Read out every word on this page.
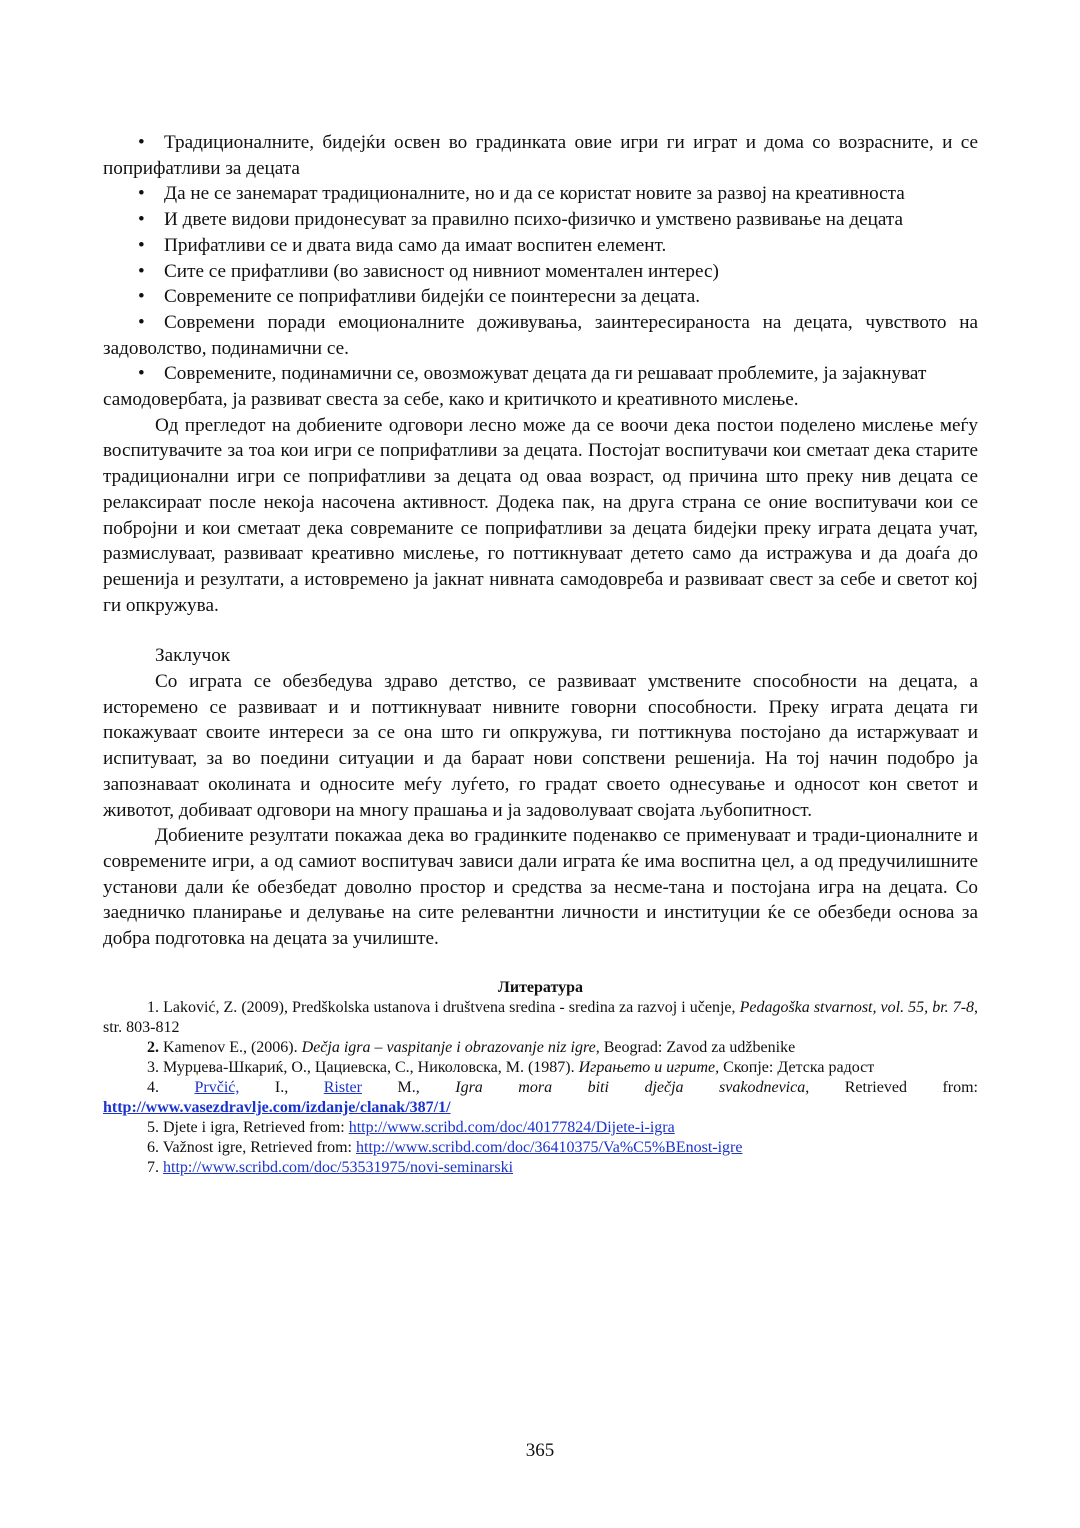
• Традиционалните, бидејќи освен во градинката овие игри ги играт и дома со возрасните, и се поприфатливи за децата

• Да не се занемарат традиционалните, но и да се користат новите за развој на креативноста

• И двете видови придонесуват за правилно психо-физичко и умствено развивање на децата

• Прифатливи се и двата вида само да имаат воспитен елемент.

• Сите се прифатливи (во зависност од нивниот моментален интерес)

• Современите се поприфатливи бидејќи се поинтересни за децата.

• Современи поради емоционалните доживувања, заинтересираноста на децата, чувството на задоволство, подинамични се.

• Современите, подинамични се, овозможуват децата да ги решаваат проблемите, ја зајакнуват самодовербата, ја развиват свеста за себе, како и критичкото и креативното мислење.

Од прегледот на добиените одговори лесно може да се воочи дека постои поделено мислење меѓу воспитувачите за тоа кои игри се поприфатливи за децата. Постојат воспитувачи кои сметаат дека старите традиционални игри се поприфатливи за децата од оваа возраст, од причина што преку нив децата се релаксираат после некоја насочена активност. Додека пак, на друга страна се оние воспитувачи кои се побројни и кои сметаат дека совреманите се поприфатливи за децата бидејки преку играта децата учат, размислуваат, развиваат креативно мислење, го поттикнуваат детето само да истражува и да доаѓа до решенија и резултати, а истовремено ја јакнат нивната самодовреба и развиваат свест за себе и светот кој ги опкружува.

Заклучок

Со играта се обезбедува здраво детство, се развиваат умствените способности на децата, а исторемено се развиваат и и поттикнуваат нивните говорни способности. Преку играта децата ги покажуваат своите интереси за се она што ги опкружува, ги поттикнува постојано да истаржуваат и испитуваат, за во поедини ситуации и да бараат нови сопствени решенија. На тој начин подобро ја запознаваат околината и односите меѓу луѓето, го градат своето однесување и односот кон светот и животот, добиваат одговори на многу прашања и ја задоволуваат својата љубопитност.

Добиените резултати покажаа дека во градинките поденакво се применуваат и тради-ционалните и современите игри, а од самиот воспитувач зависи дали играта ќе има воспитна цел, а од предучилишните установи дали ќе обезбедат доволно простор и средства за несме-тана и постојана игра на децата. Со заедничко планирање и делување на сите релевантни личности и институции ќе се обезбеди основа за добра подготовка на децата за училиште.

Литература

1. Laković, Z. (2009), Predškolska ustanova i društvena sredina - sredina za razvoj i učenje, Pedagoška stvarnost, vol. 55, br. 7-8, str. 803-812

2. Kamenov E., (2006). Dečja igra – vaspitanje i obrazovanje niz igre, Beograd: Zavod za udžbenike

3. Мурџева-Шкариќ, О., Цациевска, С., Николовска, М. (1987). Играњето и игрите, Скопје: Детска радост

4. Prvčić, I., Rister M., Igra mora biti dječja svakodnevica, Retrieved from: http://www.vasezdravlje.com/izdanje/clanak/387/1/

5. Djete i igra, Retrieved from: http://www.scribd.com/doc/40177824/Dijete-i-igra

6. Važnost igre, Retrieved from: http://www.scribd.com/doc/36410375/Va%C5%BEnost-igre

7. http://www.scribd.com/doc/53531975/novi-seminarski

365
